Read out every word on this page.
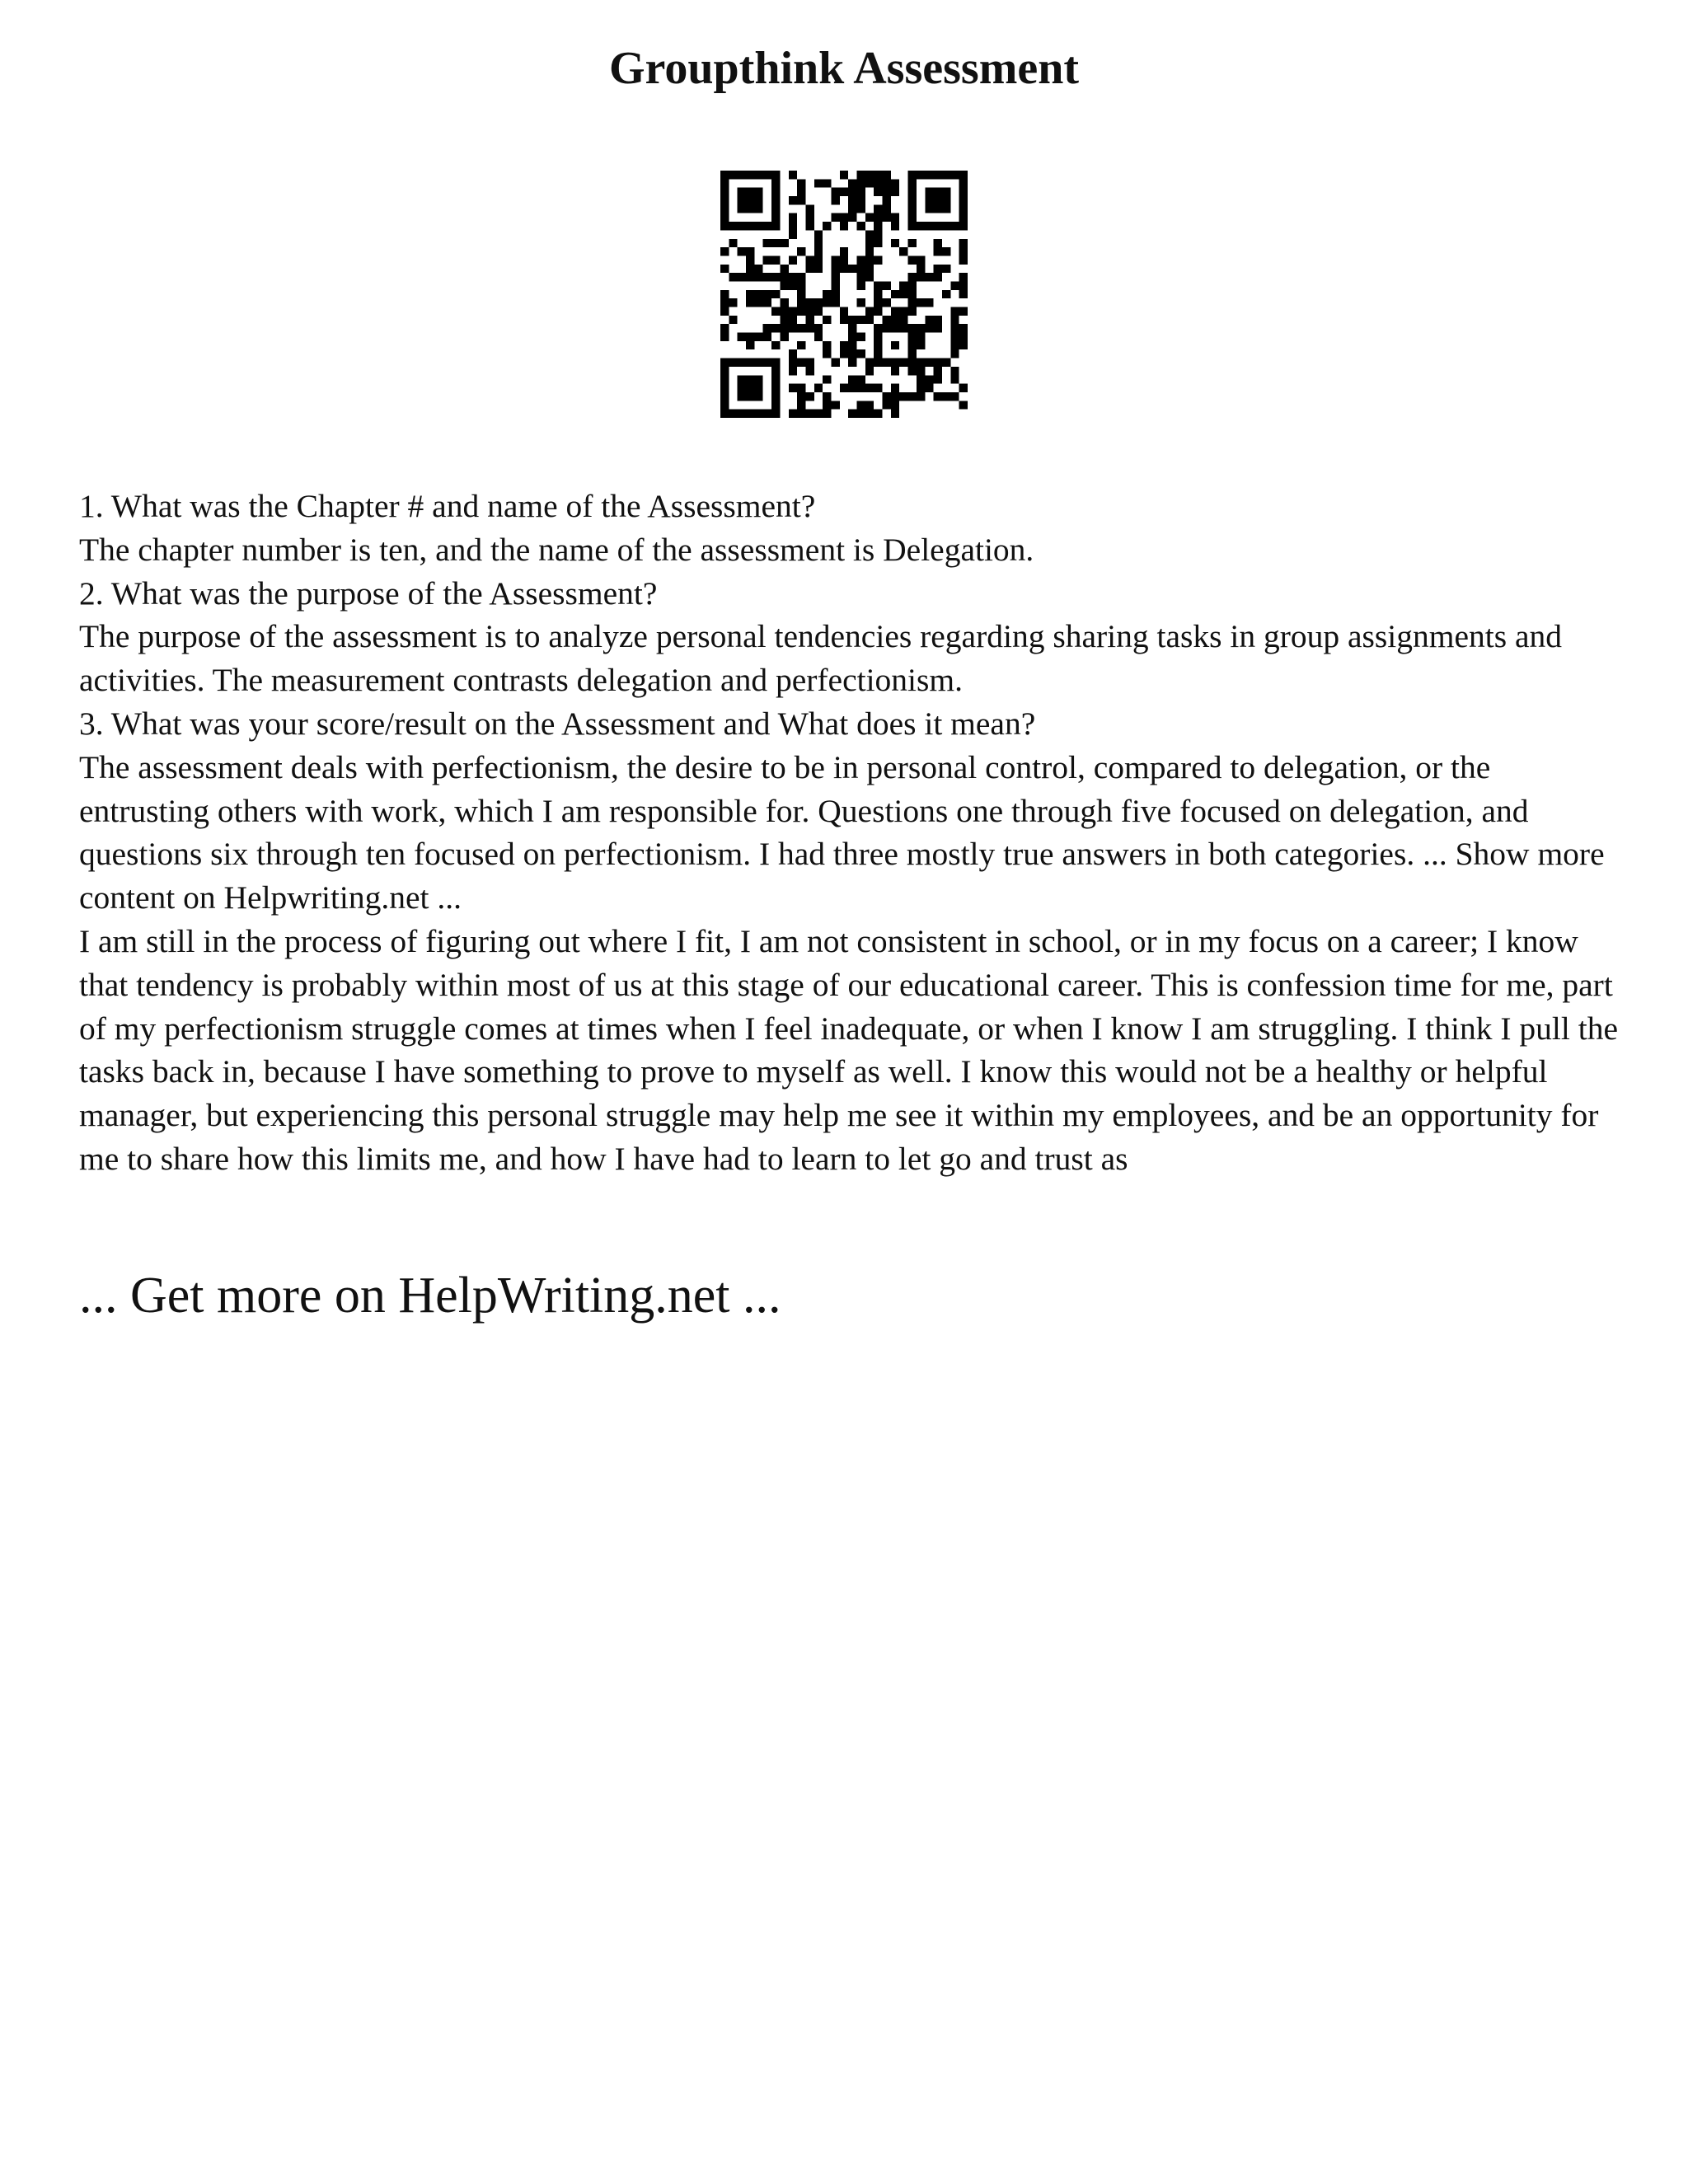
Groupthink Assessment

1. What was the Chapter # and name of the Assessment?

The chapter number is ten, and the name of the assessment is Delegation.

2. What was the purpose of the Assessment?

The purpose of the assessment is to analyze personal tendencies regarding sharing tasks in group assignments and activities. The measurement contrasts delegation and perfectionism.

3. What was your score/result on the Assessment and What does it mean?

The assessment deals with perfectionism, the desire to be in personal control, compared to delegation, or the entrusting others with work, which I am responsible for. Questions one through five focused on delegation, and questions six through ten focused on perfectionism. I had three mostly true answers in both categories. ... Show more content on Helpwriting.net ...

I am still in the process of figuring out where I fit, I am not consistent in school, or in my focus on a career; I know that tendency is probably within most of us at this stage of our educational career. This is confession time for me, part of my perfectionism struggle comes at times when I feel inadequate, or when I know I am struggling. I think I pull the tasks back in, because I have something to prove to myself as well. I know this would not be a healthy or helpful manager, but experiencing this personal struggle may help me see it within my employees, and be an opportunity for me to share how this limits me, and how I have had to learn to let go and trust as

... Get more on HelpWriting.net ...
